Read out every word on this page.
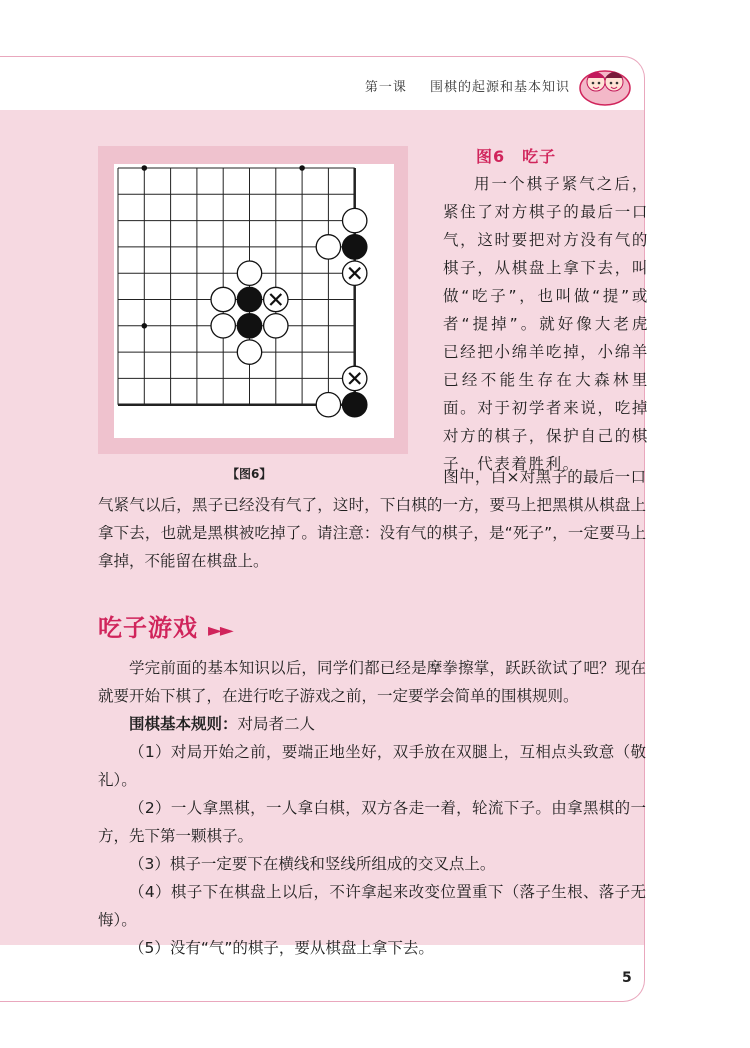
第一课 围棋的起源和基本知识
【图6】
图6　吃子
用一个棋子紧气之后，紧住了对方棋子的最后一口气，这时要把对方没有气的棋子，从棋盘上拿下去，叫做“吃子”，也叫做“提”或者“提掉”。就好像大老虎已经把小绵羊吃掉，小绵羊已经不能生存在大森林里面。对于初学者来说，吃掉对方的棋子，保护自己的棋子，代表着胜利。
图中，白×对黑子的最后一口气紧气以后，黑子已经没有气了，这时，下白棋的一方，要马上把黑棋从棋盘上拿下去，也就是黑棋被吃掉了。请注意：没有气的棋子，是“死子”，一定要马上拿掉，不能留在棋盘上。
吃子游戏 ►►

学完前面的基本知识以后，同学们都已经是摩拳擦掌，跃跃欲试了吧？现在就要开始下棋了，在进行吃子游戏之前，一定要学会简单的围棋规则。

围棋基本规则：对局者二人

（1）对局开始之前，要端正地坐好，双手放在双腿上，互相点头致意（敬礼）。

（2）一人拿黑棋，一人拿白棋，双方各走一着，轮流下子。由拿黑棋的一方，先下第一颗棋子。

（3）棋子一定要下在横线和竖线所组成的交叉点上。

（4）棋子下在棋盘上以后，不许拿起来改变位置重下（落子生根、落子无悔）。

（5）没有“气”的棋子，要从棋盘上拿下去。

5
